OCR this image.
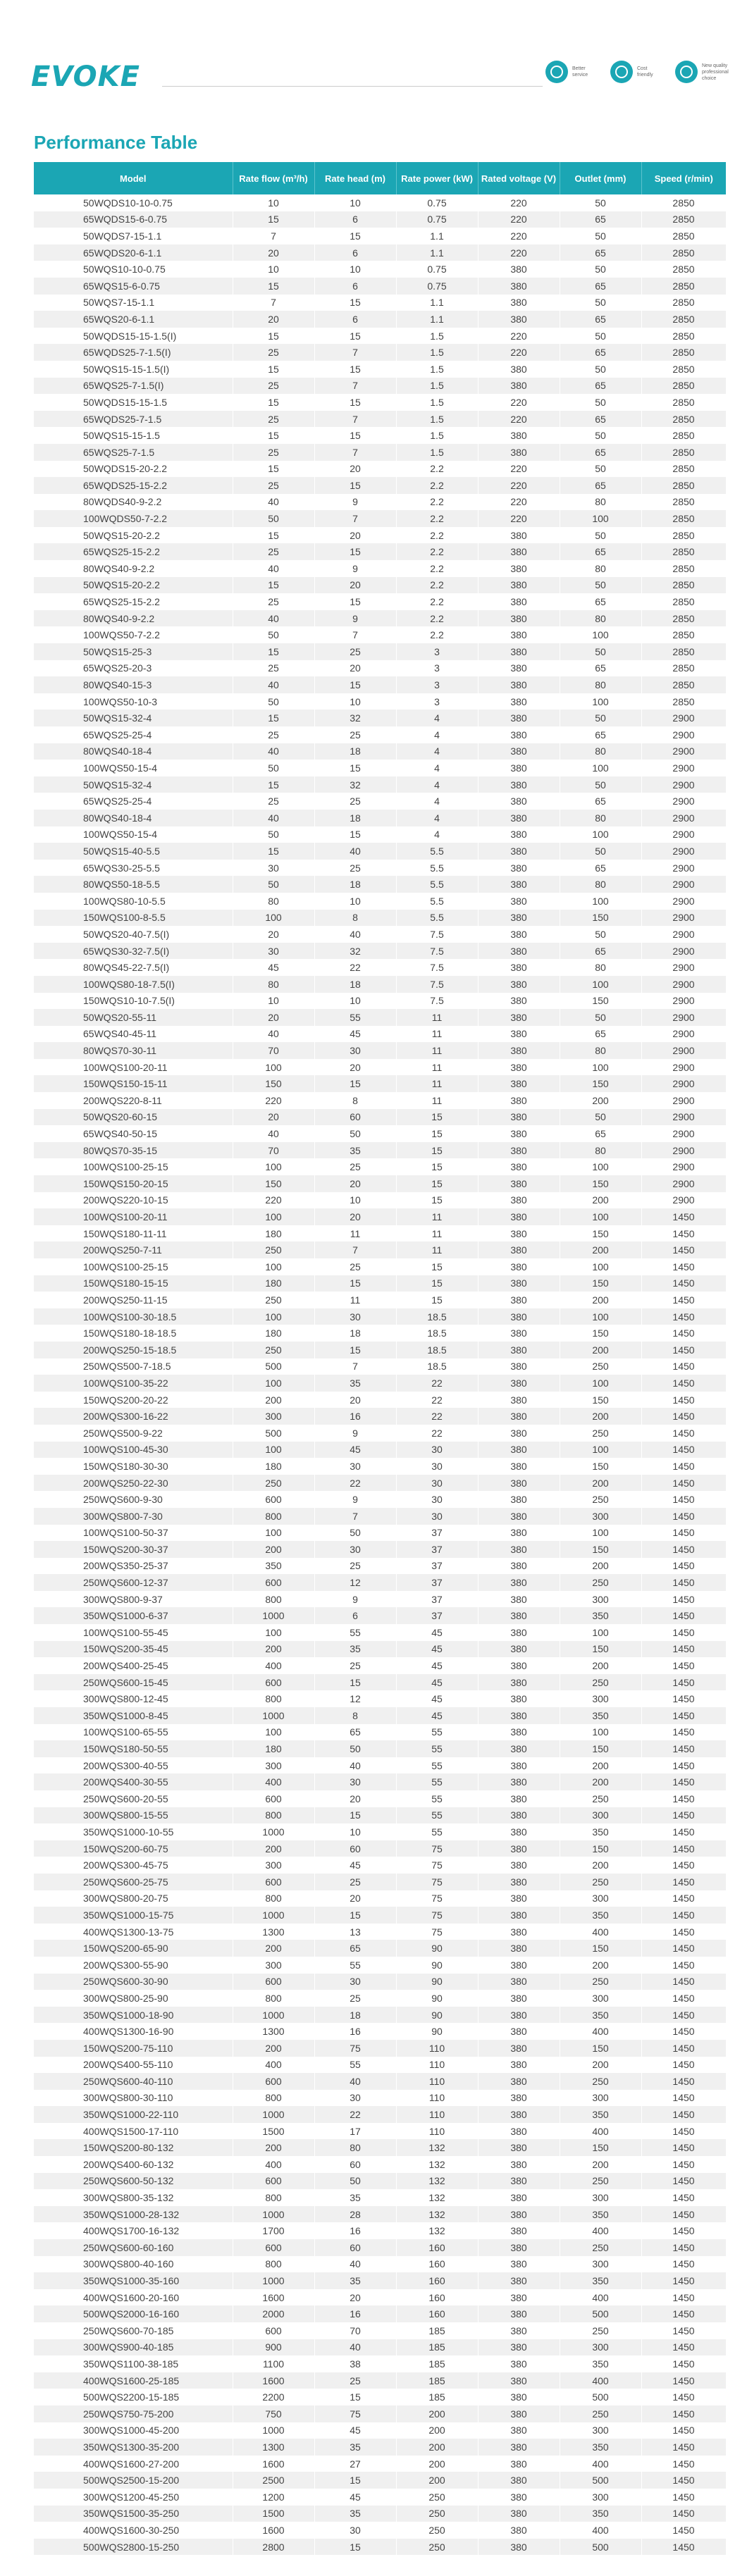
EVOKE	Better service
Cost friendly
New quality professional choice
Performance Table
Model	Rate flow (m³/h)	Rate head (m)	Rate power (kW)	Rated voltage (V)	Outlet (mm)	Speed (r/min)
50WQDS10-10-0.75	10	10	0.75	220	50	2850
65WQDS15-6-0.75	15	6	0.75	220	65	2850
50WQDS7-15-1.1	7	15	1.1	220	50	2850
65WQDS20-6-1.1	20	6	1.1	220	65	2850
50WQS10-10-0.75	10	10	0.75	380	50	2850
65WQS15-6-0.75	15	6	0.75	380	65	2850
50WQS7-15-1.1	7	15	1.1	380	50	2850
65WQS20-6-1.1	20	6	1.1	380	65	2850
50WQDS15-15-1.5(I)	15	15	1.5	220	50	2850
65WQDS25-7-1.5(I)	25	7	1.5	220	65	2850
50WQS15-15-1.5(I)	15	15	1.5	380	50	2850
65WQS25-7-1.5(I)	25	7	1.5	380	65	2850
50WQDS15-15-1.5	15	15	1.5	220	50	2850
65WQDS25-7-1.5	25	7	1.5	220	65	2850
50WQS15-15-1.5	15	15	1.5	380	50	2850
65WQS25-7-1.5	25	7	1.5	380	65	2850
50WQDS15-20-2.2	15	20	2.2	220	50	2850
65WQDS25-15-2.2	25	15	2.2	220	65	2850
80WQDS40-9-2.2	40	9	2.2	220	80	2850
100WQDS50-7-2.2	50	7	2.2	220	100	2850
50WQS15-20-2.2	15	20	2.2	380	50	2850
65WQS25-15-2.2	25	15	2.2	380	65	2850
80WQS40-9-2.2	40	9	2.2	380	80	2850
50WQS15-20-2.2	15	20	2.2	380	50	2850
65WQS25-15-2.2	25	15	2.2	380	65	2850
80WQS40-9-2.2	40	9	2.2	380	80	2850
100WQS50-7-2.2	50	7	2.2	380	100	2850
50WQS15-25-3	15	25	3	380	50	2850
65WQS25-20-3	25	20	3	380	65	2850
80WQS40-15-3	40	15	3	380	80	2850
100WQS50-10-3	50	10	3	380	100	2850
50WQS15-32-4	15	32	4	380	50	2900
65WQS25-25-4	25	25	4	380	65	2900
80WQS40-18-4	40	18	4	380	80	2900
100WQS50-15-4	50	15	4	380	100	2900
50WQS15-32-4	15	32	4	380	50	2900
65WQS25-25-4	25	25	4	380	65	2900
80WQS40-18-4	40	18	4	380	80	2900
100WQS50-15-4	50	15	4	380	100	2900
50WQS15-40-5.5	15	40	5.5	380	50	2900
65WQS30-25-5.5	30	25	5.5	380	65	2900
80WQS50-18-5.5	50	18	5.5	380	80	2900
100WQS80-10-5.5	80	10	5.5	380	100	2900
150WQS100-8-5.5	100	8	5.5	380	150	2900
50WQS20-40-7.5(I)	20	40	7.5	380	50	2900
65WQS30-32-7.5(I)	30	32	7.5	380	65	2900
80WQS45-22-7.5(I)	45	22	7.5	380	80	2900
100WQS80-18-7.5(I)	80	18	7.5	380	100	2900
150WQS10-10-7.5(I)	10	10	7.5	380	150	2900
50WQS20-55-11	20	55	11	380	50	2900
65WQS40-45-11	40	45	11	380	65	2900
80WQS70-30-11	70	30	11	380	80	2900
100WQS100-20-11	100	20	11	380	100	2900
150WQS150-15-11	150	15	11	380	150	2900
200WQS220-8-11	220	8	11	380	200	2900
50WQS20-60-15	20	60	15	380	50	2900
65WQS40-50-15	40	50	15	380	65	2900
80WQS70-35-15	70	35	15	380	80	2900
100WQS100-25-15	100	25	15	380	100	2900
150WQS150-20-15	150	20	15	380	150	2900
200WQS220-10-15	220	10	15	380	200	2900
100WQS100-20-11	100	20	11	380	100	1450
150WQS180-11-11	180	11	11	380	150	1450
200WQS250-7-11	250	7	11	380	200	1450
100WQS100-25-15	100	25	15	380	100	1450
150WQS180-15-15	180	15	15	380	150	1450
200WQS250-11-15	250	11	15	380	200	1450
100WQS100-30-18.5	100	30	18.5	380	100	1450
150WQS180-18-18.5	180	18	18.5	380	150	1450
200WQS250-15-18.5	250	15	18.5	380	200	1450
250WQS500-7-18.5	500	7	18.5	380	250	1450
100WQS100-35-22	100	35	22	380	100	1450
150WQS200-20-22	200	20	22	380	150	1450
200WQS300-16-22	300	16	22	380	200	1450
250WQS500-9-22	500	9	22	380	250	1450
100WQS100-45-30	100	45	30	380	100	1450
150WQS180-30-30	180	30	30	380	150	1450
200WQS250-22-30	250	22	30	380	200	1450
250WQS600-9-30	600	9	30	380	250	1450
300WQS800-7-30	800	7	30	380	300	1450
100WQS100-50-37	100	50	37	380	100	1450
150WQS200-30-37	200	30	37	380	150	1450
200WQS350-25-37	350	25	37	380	200	1450
250WQS600-12-37	600	12	37	380	250	1450
300WQS800-9-37	800	9	37	380	300	1450
350WQS1000-6-37	1000	6	37	380	350	1450
100WQS100-55-45	100	55	45	380	100	1450
150WQS200-35-45	200	35	45	380	150	1450
200WQS400-25-45	400	25	45	380	200	1450
250WQS600-15-45	600	15	45	380	250	1450
300WQS800-12-45	800	12	45	380	300	1450
350WQS1000-8-45	1000	8	45	380	350	1450
100WQS100-65-55	100	65	55	380	100	1450
150WQS180-50-55	180	50	55	380	150	1450
200WQS300-40-55	300	40	55	380	200	1450
200WQS400-30-55	400	30	55	380	200	1450
250WQS600-20-55	600	20	55	380	250	1450
300WQS800-15-55	800	15	55	380	300	1450
350WQS1000-10-55	1000	10	55	380	350	1450
150WQS200-60-75	200	60	75	380	150	1450
200WQS300-45-75	300	45	75	380	200	1450
250WQS600-25-75	600	25	75	380	250	1450
300WQS800-20-75	800	20	75	380	300	1450
350WQS1000-15-75	1000	15	75	380	350	1450
400WQS1300-13-75	1300	13	75	380	400	1450
150WQS200-65-90	200	65	90	380	150	1450
200WQS300-55-90	300	55	90	380	200	1450
250WQS600-30-90	600	30	90	380	250	1450
300WQS800-25-90	800	25	90	380	300	1450
350WQS1000-18-90	1000	18	90	380	350	1450
400WQS1300-16-90	1300	16	90	380	400	1450
150WQS200-75-110	200	75	110	380	150	1450
200WQS400-55-110	400	55	110	380	200	1450
250WQS600-40-110	600	40	110	380	250	1450
300WQS800-30-110	800	30	110	380	300	1450
350WQS1000-22-110	1000	22	110	380	350	1450
400WQS1500-17-110	1500	17	110	380	400	1450
150WQS200-80-132	200	80	132	380	150	1450
200WQS400-60-132	400	60	132	380	200	1450
250WQS600-50-132	600	50	132	380	250	1450
300WQS800-35-132	800	35	132	380	300	1450
350WQS1000-28-132	1000	28	132	380	350	1450
400WQS1700-16-132	1700	16	132	380	400	1450
250WQS600-60-160	600	60	160	380	250	1450
300WQS800-40-160	800	40	160	380	300	1450
350WQS1000-35-160	1000	35	160	380	350	1450
400WQS1600-20-160	1600	20	160	380	400	1450
500WQS2000-16-160	2000	16	160	380	500	1450
250WQS600-70-185	600	70	185	380	250	1450
300WQS900-40-185	900	40	185	380	300	1450
350WQS1100-38-185	1100	38	185	380	350	1450
400WQS1600-25-185	1600	25	185	380	400	1450
500WQS2200-15-185	2200	15	185	380	500	1450
250WQS750-75-200	750	75	200	380	250	1450
300WQS1000-45-200	1000	45	200	380	300	1450
350WQS1300-35-200	1300	35	200	380	350	1450
400WQS1600-27-200	1600	27	200	380	400	1450
500WQS2500-15-200	2500	15	200	380	500	1450
300WQS1200-45-250	1200	45	250	380	300	1450
350WQS1500-35-250	1500	35	250	380	350	1450
400WQS1600-30-250	1600	30	250	380	400	1450
500WQS2800-15-250	2800	15	250	380	500	1450
